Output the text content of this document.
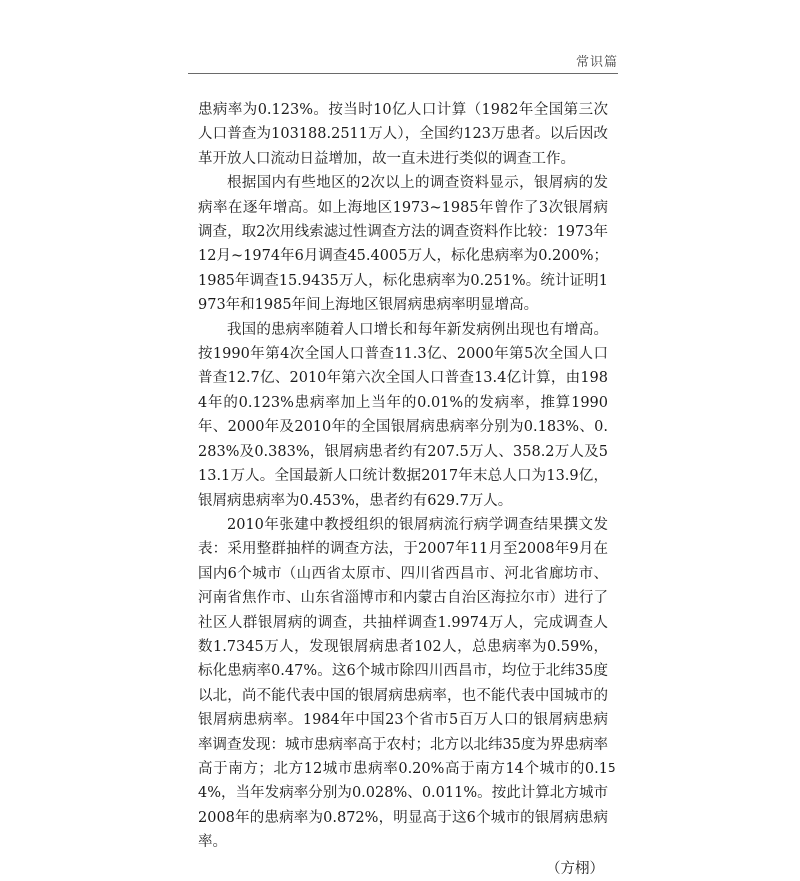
常识篇

患病率为0.123%。按当时10亿人口计算（1982年全国第三次人口普查为103188.2511万人），全国约123万患者。以后因改革开放人口流动日益增加，故一直未进行类似的调查工作。

根据国内有些地区的2次以上的调查资料显示，银屑病的发病率在逐年增高。如上海地区1973~1985年曾作了3次银屑病调查，取2次用线索滤过性调查方法的调查资料作比较：1973年12月~1974年6月调查45.4005万人，标化患病率为0.200%；1985年调查15.9435万人，标化患病率为0.251%。统计证明1973年和1985年间上海地区银屑病患病率明显增高。

我国的患病率随着人口增长和每年新发病例出现也有增高。按1990年第4次全国人口普查11.3亿、2000年第5次全国人口普查12.7亿、2010年第六次全国人口普查13.4亿计算，由1984年的0.123%患病率加上当年的0.01%的发病率，推算1990年、2000年及2010年的全国银屑病患病率分别为0.183%、0.283%及0.383%，银屑病患者约有207.5万人、358.2万人及513.1万人。全国最新人口统计数据2017年末总人口为13.9亿，银屑病患病率为0.453%，患者约有629.7万人。

2010年张建中教授组织的银屑病流行病学调查结果撰文发表：采用整群抽样的调查方法，于2007年11月至2008年9月在国内6个城市（山西省太原市、四川省西昌市、河北省廊坊市、河南省焦作市、山东省淄博市和内蒙古自治区海拉尔市）进行了社区人群银屑病的调查，共抽样调查1.9974万人，完成调查人数1.7345万人，发现银屑病患者102人，总患病率为0.59%，标化患病率0.47%。这6个城市除四川西昌市，均位于北纬35度以北，尚不能代表中国的银屑病患病率，也不能代表中国城市的银屑病患病率。1984年中国23个省市5百万人口的银屑病患病率调查发现：城市患病率高于农村；北方以北纬35度为界患病率高于南方；北方12城市患病率0.20%高于南方14个城市的0.14%，当年发病率分别为0.028%、0.011%。按此计算北方城市2008年的患病率为0.872%，明显高于这6个城市的银屑病患病率。

（方栩）

5
